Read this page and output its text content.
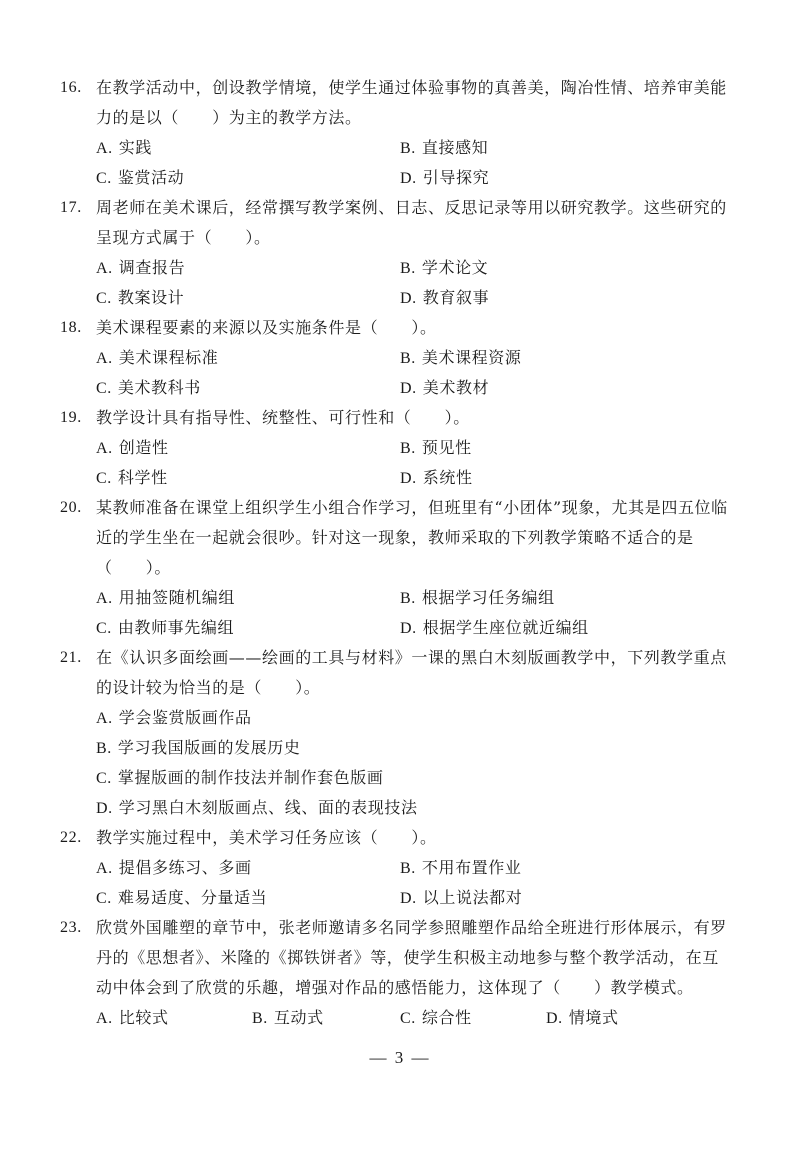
16. 在教学活动中，创设教学情境，使学生通过体验事物的真善美，陶冶性情、培养审美能力的是以（　　）为主的教学方法。
A. 实践	B. 直接感知
C. 鉴赏活动	D. 引导探究
17. 周老师在美术课后，经常撰写教学案例、日志、反思记录等用以研究教学。这些研究的呈现方式属于（　　）。
A. 调查报告	B. 学术论文
C. 教案设计	D. 教育叙事
18. 美术课程要素的来源以及实施条件是（　　）。
A. 美术课程标准	B. 美术课程资源
C. 美术教科书	D. 美术教材
19. 教学设计具有指导性、统整性、可行性和（　　）。
A. 创造性	B. 预见性
C. 科学性	D. 系统性
20. 某教师准备在课堂上组织学生小组合作学习，但班里有“小团体”现象，尤其是四五位临近的学生坐在一起就会很吵。针对这一现象，教师采取的下列教学策略不适合的是（　　）。
A. 用抽签随机编组	B. 根据学习任务编组
C. 由教师事先编组	D. 根据学生座位就近编组
21. 在《认识多面绘画——绘画的工具与材料》一课的黑白木刻版画教学中，下列教学重点的设计较为恰当的是（　　）。
A. 学会鉴赏版画作品
B. 学习我国版画的发展历史
C. 掌握版画的制作技法并制作套色版画
D. 学习黑白木刻版画点、线、面的表现技法
22. 教学实施过程中，美术学习任务应该（　　）。
A. 提倡多练习、多画	B. 不用布置作业
C. 难易适度、分量适当	D. 以上说法都对
23. 欣赏外国雕塑的章节中，张老师邀请多名同学参照雕塑作品给全班进行形体展示，有罗丹的《思想者》、米隆的《掷铁饼者》等，使学生积极主动地参与整个教学活动，在互动中体会到了欣赏的乐趣，增强对作品的感悟能力，这体现了（　　）教学模式。
A. 比较式	B. 互动式	C. 综合性	D. 情境式
— 3 —
